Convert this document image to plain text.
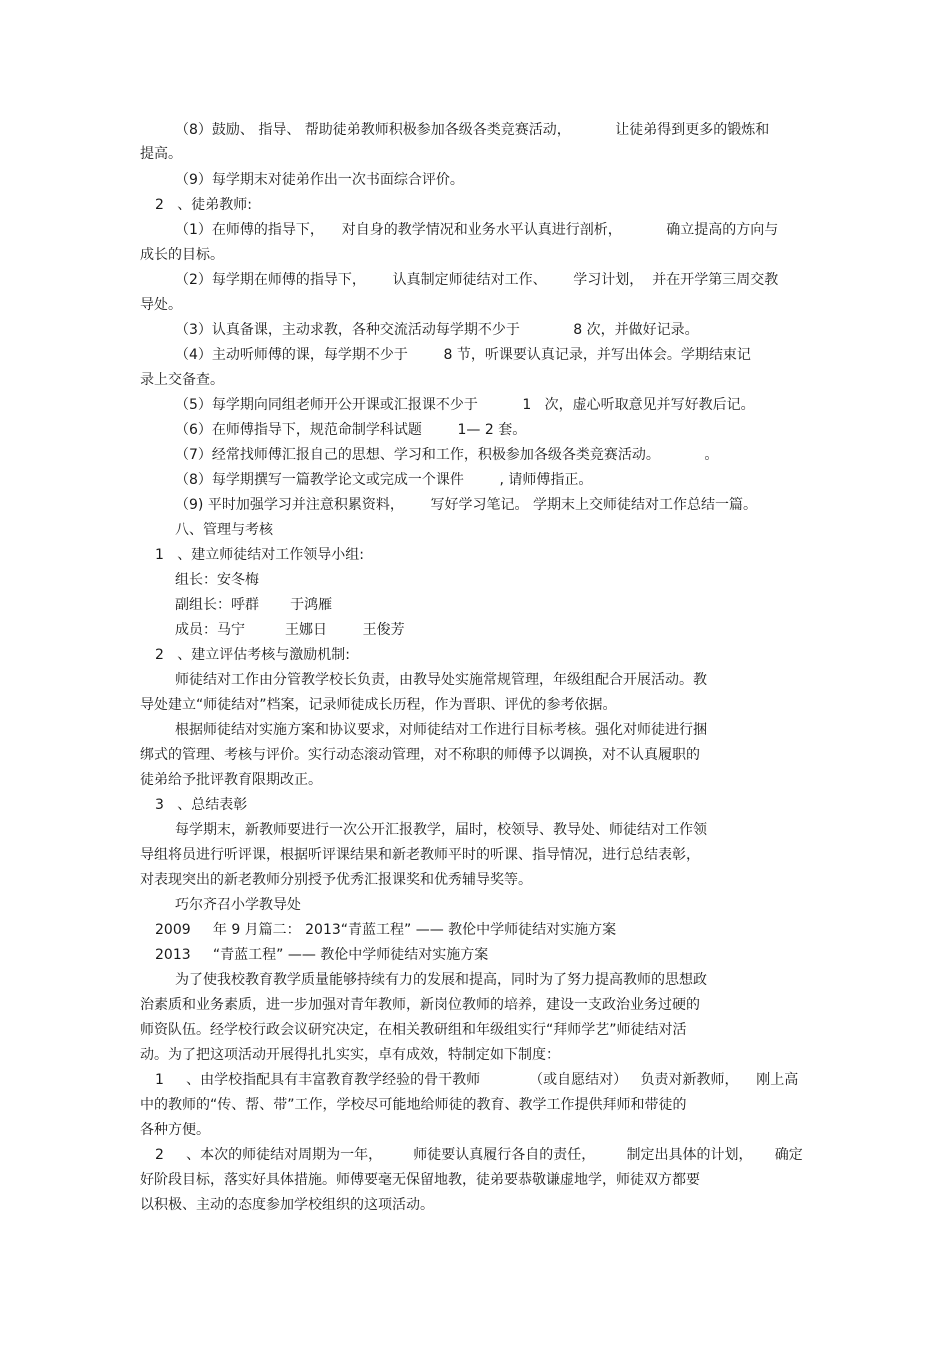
（8）鼓励、 指导、 帮助徒弟教师积极参加各级各类竞赛活动，          让徒弟得到更多的锻炼和
提高。
（9）每学期末对徒弟作出一次书面综合评价。
2   、徒弟教师:
（1）在师傅的指导下，    对自身的教学情况和业务水平认真进行剖析，          确立提高的方向与
成长的目标。
（2）每学期在师傅的指导下，      认真制定师徒结对工作、      学习计划，  并在开学第三周交教
导处。
（3）认真备课，主动求教，各种交流活动每学期不少于            8 次，并做好记录。
（4）主动听师傅的课，每学期不少于        8 节，听课要认真记录，并写出体会。学期结束记
录上交备查。
（5）每学期向同组老师开公开课或汇报课不少于          1   次，虚心听取意见并写好教后记。
（6）在师傅指导下，规范命制学科试题        1— 2 套。
（7）经常找师傅汇报自己的思想、学习和工作，积极参加各级各类竞赛活动。          。
（8）每学期撰写一篇教学论文或完成一个课件        , 请师傅指正。
（9) 平时加强学习并注意积累资料，      写好学习笔记。 学期末上交师徒结对工作总结一篇。
八、管理与考核
1   、建立师徒结对工作领导小组:
组长：安冬梅
副组长：呼群       于鸿雁
成员：马宁         王娜日        王俊芳
2   、建立评估考核与激励机制:
师徒结对工作由分管教学校长负责，由教导处实施常规管理，年级组配合开展活动。教
导处建立“师徒结对”档案，记录师徒成长历程，作为晋职、评优的参考依据。
根据师徒结对实施方案和协议要求，对师徒结对工作进行目标考核。强化对师徒进行捆
绑式的管理、考核与评价。实行动态滚动管理，对不称职的师傅予以调换，对不认真履职的
徒弟给予批评教育限期改正。
3   、总结表彰
每学期末，新教师要进行一次公开汇报教学，届时，校领导、教导处、师徒结对工作领
导组将员进行听评课，根据听评课结果和新老教师平时的听课、指导情况，进行总结表彰，
对表现突出的新老教师分别授予优秀汇报课奖和优秀辅导奖等。
巧尔齐召小学教导处
2009     年 9 月篇二： 2013“青蓝工程” —— 教伦中学师徒结对实施方案
2013     “青蓝工程” —— 教伦中学师徒结对实施方案
为了使我校教育教学质量能够持续有力的发展和提高，同时为了努力提高教师的思想政
治素质和业务素质，进一步加强对青年教师，新岗位教师的培养，建设一支政治业务过硬的
师资队伍。经学校行政会议研究决定，在相关教研组和年级组实行“拜师学艺”师徒结对活
动。为了把这项活动开展得扎扎实实，卓有成效，特制定如下制度：
1     、由学校指配具有丰富教育教学经验的骨干教师           （或自愿结对）   负责对新教师，    刚上高
中的教师的“传、帮、带”工作，学校尽可能地给师徒的教育、教学工作提供拜师和带徒的
各种方便。
2     、本次的师徒结对周期为一年，       师徒要认真履行各自的责任，       制定出具体的计划，     确定
好阶段目标，落实好具体措施。师傅要毫无保留地教，徒弟要恭敬谦虚地学，师徒双方都要
以积极、主动的态度参加学校组织的这项活动。
